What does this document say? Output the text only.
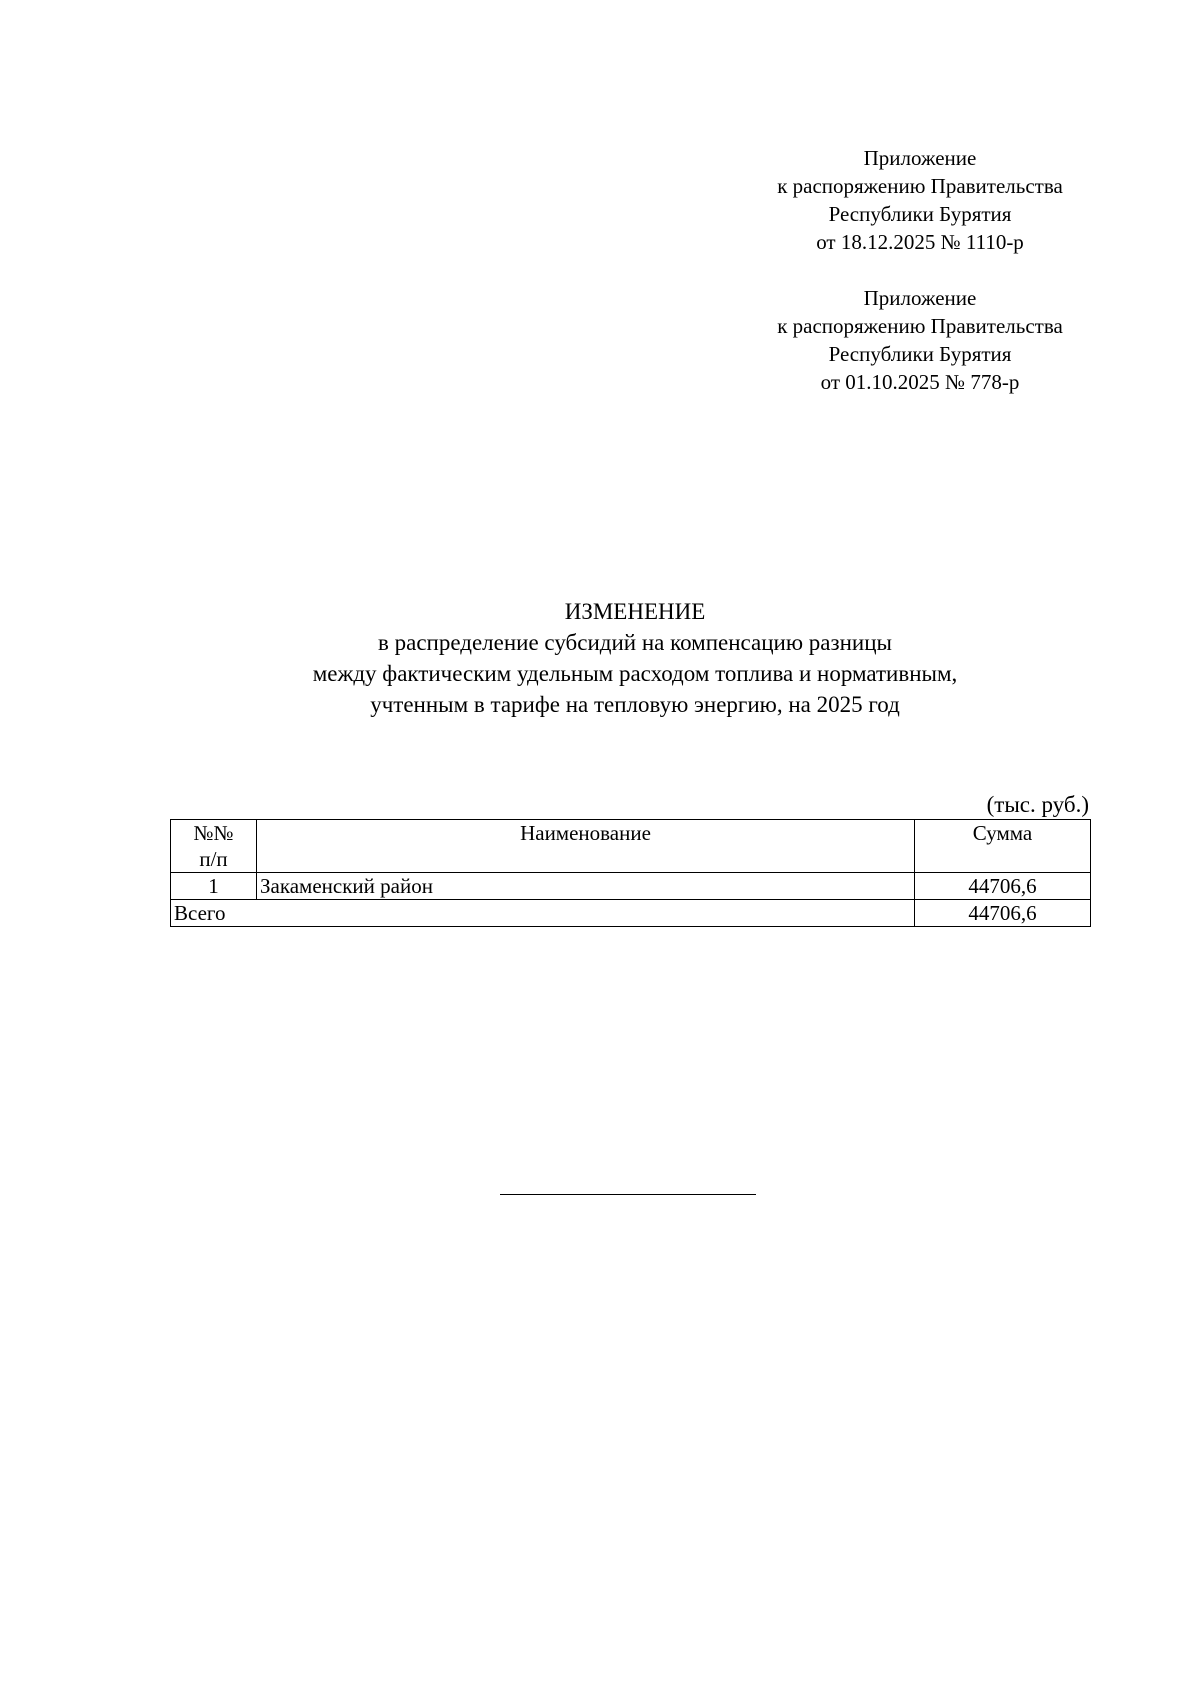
Приложение
к распоряжению Правительства
Республики Бурятия
от 18.12.2025 № 1110-р
Приложение
к распоряжению Правительства
Республики Бурятия
от 01.10.2025 № 778-р
ИЗМЕНЕНИЕ
в распределение субсидий на компенсацию разницы
между фактическим удельным расходом топлива и нормативным,
учтенным в тарифе на тепловую энергию, на 2025 год
(тыс. руб.)
№№
п/п	Наименование	Сумма
1	Закаменский район	44706,6
Всего		44706,6
